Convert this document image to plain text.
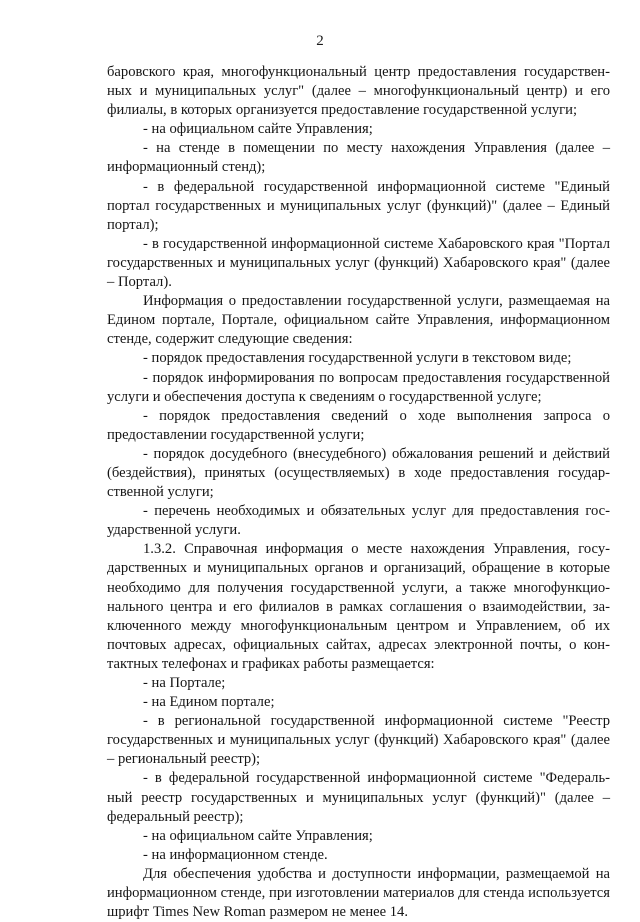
2

баровского края, многофункциональный центр предоставления государственных и муниципальных услуг" (далее – многофункциональный центр) и его филиалы, в которых организуется предоставление государственной услуги;

- на официальном сайте Управления;

- на стенде в помещении по месту нахождения Управления (далее – информационный стенд);

- в федеральной государственной информационной системе "Единый портал государственных и муниципальных услуг (функций)" (далее – Единый портал);

- в государственной информационной системе Хабаровского края "Портал государственных и муниципальных услуг (функций) Хабаровского края" (далее – Портал).

Информация о предоставлении государственной услуги, размещаемая на Едином портале, Портале, официальном сайте Управления, информационном стенде, содержит следующие сведения:

- порядок предоставления государственной услуги в текстовом виде;

- порядок информирования по вопросам предоставления государственной услуги и обеспечения доступа к сведениям о государственной услуге;

- порядок предоставления сведений о ходе выполнения запроса о предоставлении государственной услуги;

- порядок досудебного (внесудебного) обжалования решений и действий (бездействия), принятых (осуществляемых) в ходе предоставления государственной услуги;

- перечень необходимых и обязательных услуг для предоставления государственной услуги.

1.3.2. Справочная информация о месте нахождения Управления, государственных и муниципальных органов и организаций, обращение в которые необходимо для получения государственной услуги, а также многофункционального центра и его филиалов в рамках соглашения о взаимодействии, заключенного между многофункциональным центром и Управлением, об их почтовых адресах, официальных сайтах, адресах электронной почты, о контактных телефонах и графиках работы размещается:

- на Портале;

- на Едином портале;

- в региональной государственной информационной системе "Реестр государственных и муниципальных услуг (функций) Хабаровского края" (далее – региональный реестр);

- в федеральной государственной информационной системе "Федеральный реестр государственных и муниципальных услуг (функций)" (далее – федеральный реестр);

- на официальном сайте Управления;

- на информационном стенде.

Для обеспечения удобства и доступности информации, размещаемой на информационном стенде, при изготовлении материалов для стенда используется шрифт Times New Roman размером не менее 14.
